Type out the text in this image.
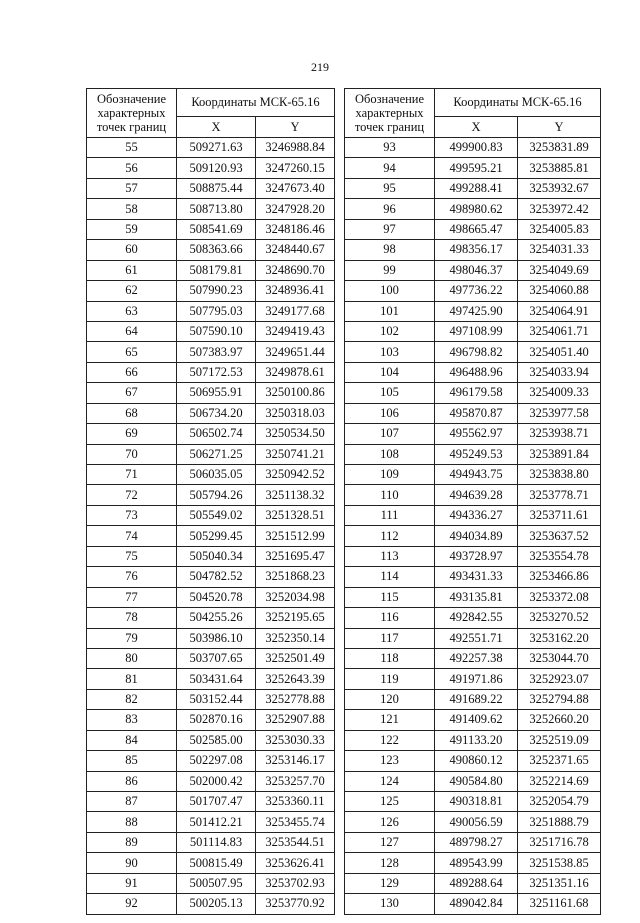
219
Обозначение
характерных
точек границ	Координаты МСК-65.16			Обозначение
характерных
точек границ	Координаты МСК-65.16	
	X	Y			X	Y
55	509271.63	3246988.84		93	499900.83	3253831.89
56	509120.93	3247260.15		94	499595.21	3253885.81
57	508875.44	3247673.40		95	499288.41	3253932.67
58	508713.80	3247928.20		96	498980.62	3253972.42
59	508541.69	3248186.46		97	498665.47	3254005.83
60	508363.66	3248440.67		98	498356.17	3254031.33
61	508179.81	3248690.70		99	498046.37	3254049.69
62	507990.23	3248936.41		100	497736.22	3254060.88
63	507795.03	3249177.68		101	497425.90	3254064.91
64	507590.10	3249419.43		102	497108.99	3254061.71
65	507383.97	3249651.44		103	496798.82	3254051.40
66	507172.53	3249878.61		104	496488.96	3254033.94
67	506955.91	3250100.86		105	496179.58	3254009.33
68	506734.20	3250318.03		106	495870.87	3253977.58
69	506502.74	3250534.50		107	495562.97	3253938.71
70	506271.25	3250741.21		108	495249.53	3253891.84
71	506035.05	3250942.52		109	494943.75	3253838.80
72	505794.26	3251138.32		110	494639.28	3253778.71
73	505549.02	3251328.51		111	494336.27	3253711.61
74	505299.45	3251512.99		112	494034.89	3253637.52
75	505040.34	3251695.47		113	493728.97	3253554.78
76	504782.52	3251868.23		114	493431.33	3253466.86
77	504520.78	3252034.98		115	493135.81	3253372.08
78	504255.26	3252195.65		116	492842.55	3253270.52
79	503986.10	3252350.14		117	492551.71	3253162.20
80	503707.65	3252501.49		118	492257.38	3253044.70
81	503431.64	3252643.39		119	491971.86	3252923.07
82	503152.44	3252778.88		120	491689.22	3252794.88
83	502870.16	3252907.88		121	491409.62	3252660.20
84	502585.00	3253030.33		122	491133.20	3252519.09
85	502297.08	3253146.17		123	490860.12	3252371.65
86	502000.42	3253257.70		124	490584.80	3252214.69
87	501707.47	3253360.11		125	490318.81	3252054.79
88	501412.21	3253455.74		126	490056.59	3251888.79
89	501114.83	3253544.51		127	489798.27	3251716.78
90	500815.49	3253626.41		128	489543.99	3251538.85
91	500507.95	3253702.93		129	489288.64	3251351.16
92	500205.13	3253770.92		130	489042.84	3251161.68
